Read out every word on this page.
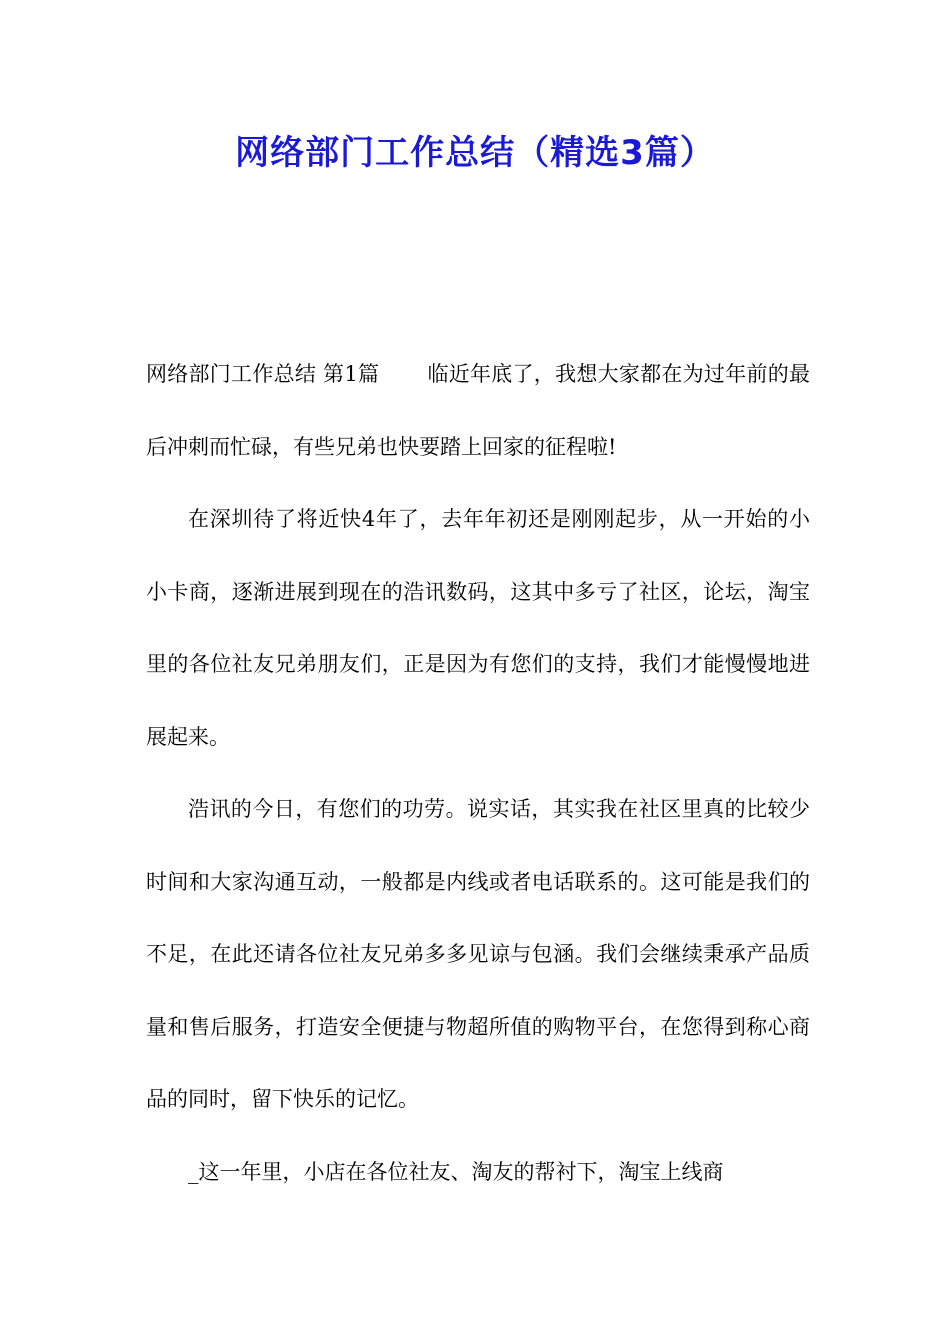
网络部门工作总结（精选3篇）

网络部门工作总结 第1篇 临近年底了，我想大家都在为过年前的最后冲刺而忙碌，有些兄弟也快要踏上回家的征程啦!

在深圳待了将近快4年了，去年年初还是刚刚起步，从一开始的小小卡商，逐渐进展到现在的浩讯数码，这其中多亏了社区，论坛，淘宝里的各位社友兄弟朋友们，正是因为有您们的支持，我们才能慢慢地进展起来。

浩讯的今日，有您们的功劳。说实话，其实我在社区里真的比较少时间和大家沟通互动，一般都是内线或者电话联系的。这可能是我们的不足，在此还请各位社友兄弟多多见谅与包涵。我们会继续秉承产品质量和售后服务，打造安全便捷与物超所值的购物平台，在您得到称心商品的同时，留下快乐的记忆。

_这一年里，小店在各位社友、淘友的帮衬下，淘宝上线商
